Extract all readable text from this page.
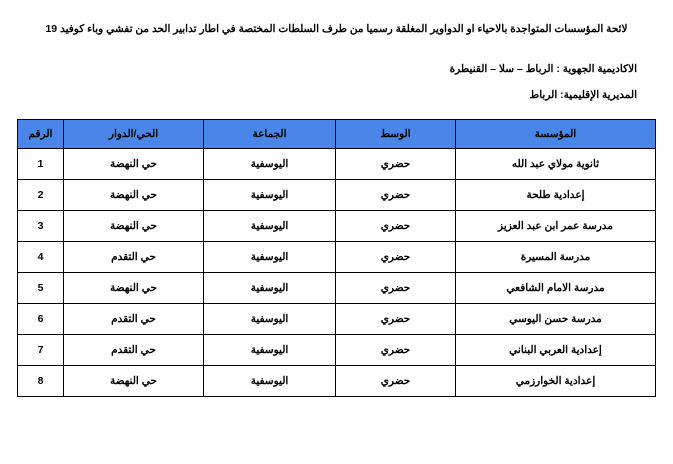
لائحة المؤسسات المتواجدة بالاحياء او الدواوير المغلقة رسميا من طرف السلطات المختصة في اطار تدابير الحد من تفشي وباء كوفيد 19
الاكاديمية الجهوية : الرباط – سلا – القنيطرة
المديرية الإقليمية: الرباط
المؤسسة	الوسط	الجماعة	الحي/الدوار	الرقم
ثانوية مولاي عبد الله	حضري	اليوسفية	حي النهضة	1
إعدادية طلحة	حضري	اليوسفية	حي النهضة	2
مدرسة عمر ابن عبد العزيز	حضري	اليوسفية	حي النهضة	3
مدرسة المسيرة	حضري	اليوسفية	حي التقدم	4
مدرسة الامام الشافعي	حضري	اليوسفية	حي النهضة	5
مدرسة حسن اليوسي	حضري	اليوسفية	حي التقدم	6
إعدادية العربي البناني	حضري	اليوسفية	حي التقدم	7
إعدادية الخوارزمي	حضري	اليوسفية	حي النهضة	8
